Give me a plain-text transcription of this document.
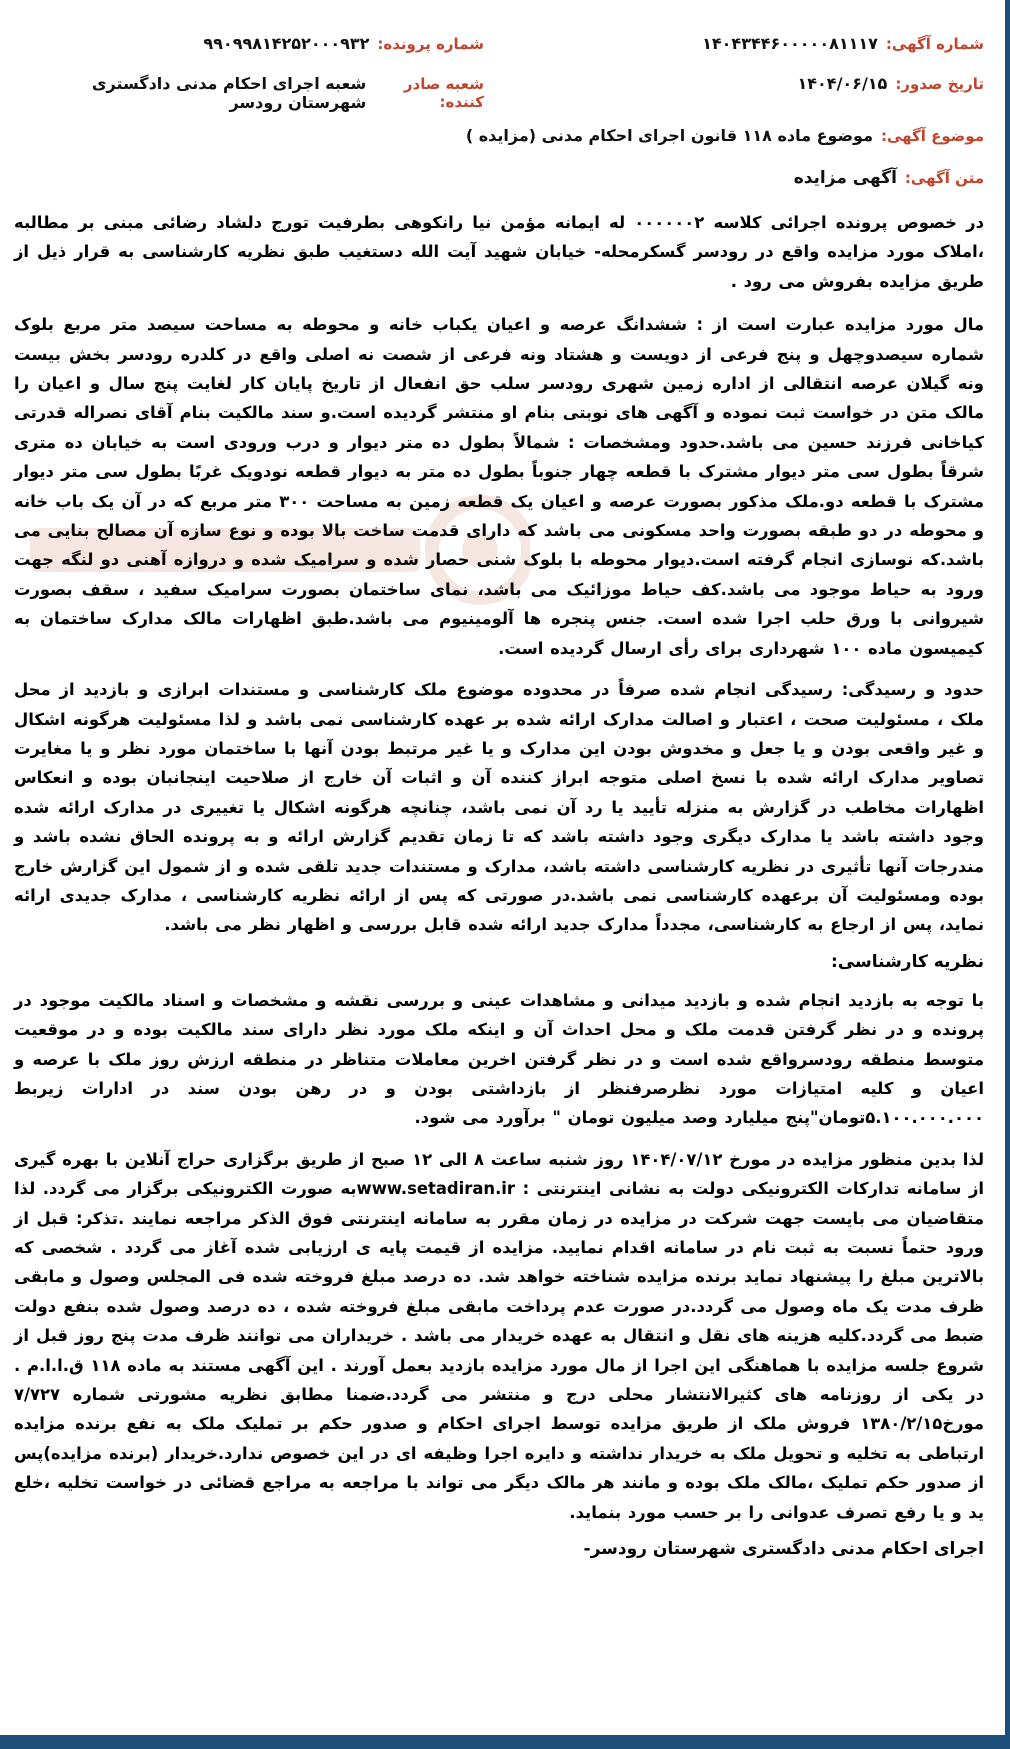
شماره آگهی:
۱۴۰۴۳۴۴۶۰۰۰۰۰۸۱۱۱۷
شماره پرونده:
۹۹۰۹۹۸۱۴۲۵۲۰۰۰۹۳۲
تاریخ صدور:
۱۴۰۴/۰۶/۱۵
شعبه صادر کننده:
شعبه اجرای احکام مدنی دادگستری شهرستان رودسر
موضوع آگهی:
موضوع ماده ۱۱۸ قانون اجرای احکام مدنی (مزایده )
متن آگهی:
آگهی مزایده

در خصوص پرونده اجرائی کلاسه ۰۰۰۰۰۰۲ له ایمانه مؤمن نیا رانکوهی بطرفیت تورج دلشاد رضائی مبنی بر مطالبه ،املاک مورد مزایده واقع در رودسر گسکرمحله- خیابان شهید آیت الله دستغیب طبق نظریه کارشناسی به قرار ذیل از طریق مزایده بفروش می رود .

مال مورد مزایده عبارت است از : ششدانگ عرصه و اعیان یکباب خانه و محوطه به مساحت سیصد متر مربع بلوک شماره سیصدوچهل و پنج فرعی از دویست و هشتاد ونه فرعی از شصت نه اصلی واقع در کلدره رودسر بخش بیست ونه گیلان عرصه انتقالی از اداره زمین شهری رودسر سلب حق انفعال از تاریخ پایان کار لغایت پنج سال و اعیان را مالک متن در خواست ثبت نموده و آگهی های نوبتی بنام او منتشر گردیده است.و سند مالکیت بنام آقای نصراله قدرتی کیاخانی فرزند حسین می باشد.حدود ومشخصات : شمالاً بطول ده متر دیوار و درب ورودی است به خیابان ده متری شرقاً بطول سی متر دیوار مشترک با قطعه چهار جنوباً بطول ده متر به دیوار قطعه نودویک غربًا بطول سی متر دیوار مشترک با قطعه دو.ملک مذکور بصورت عرصه و اعیان یک قطعه زمین به مساحت ۳۰۰ متر مربع که در آن یک باب خانه و محوطه در دو طبقه بصورت واحد مسکونی می باشد که دارای قدمت ساخت بالا بوده و نوع سازه آن مصالح بنایی می باشد.که نوسازی انجام گرفته است.دیوار محوطه با بلوک شنی حصار شده و سرامیک شده و دروازه آهنی دو لنگه جهت ورود به حیاط موجود می باشد.کف حیاط موزائیک می باشد، نمای ساختمان بصورت سرامیک سفید ، سقف بصورت شیروانی با ورق حلب اجرا شده است. جنس پنجره ها آلومینیوم می باشد.طبق اظهارات مالک مدارک ساختمان به کیمیسون ماده ۱۰۰ شهرداری برای رأی ارسال گردیده است.

حدود و رسیدگی: رسیدگی انجام شده صرفاً در محدوده موضوع ملک کارشناسی و مستندات ابرازی و بازدید از محل ملک ، مسئولیت صحت ، اعتبار و اصالت مدارک ارائه شده بر عهده کارشناسی نمی باشد و لذا مسئولیت هرگونه اشکال و غیر واقعی بودن و یا جعل و مخدوش بودن این مدارک و یا غیر مرتبط بودن آنها با ساختمان مورد نظر و یا مغایرت تصاویر مدارک ارائه شده با نسخ اصلی متوجه ابراز کننده آن و اثبات آن خارج از صلاحیت اینجانبان بوده و انعکاس اظهارات مخاطب در گزارش به منزله تأیید یا رد آن نمی باشد، چنانچه هرگونه اشکال یا تغییری در مدارک ارائه شده وجود داشته باشد یا مدارک دیگری وجود داشته باشد که تا زمان تقدیم گزارش ارائه و به پرونده الحاق نشده باشد و مندرجات آنها تأثیری در نظریه کارشناسی داشته باشد، مدارک و مستندات جدید تلقی شده و از شمول این گزارش خارج بوده ومسئولیت آن برعهده کارشناسی نمی باشد.در صورتی که پس از ارائه نظریه کارشناسی ، مدارک جدیدی ارائه نماید، پس از ارجاع به کارشناسی، مجدداً مدارک جدید ارائه شده قابل بررسی و اظهار نظر می باشد.

نظریه کارشناسی:

با توجه به بازدید انجام شده و بازدید میدانی و مشاهدات عینی و بررسی نقشه و مشخصات و اسناد مالکیت موجود در پرونده و در نظر گرفتن قدمت ملک و محل احداث آن و اینکه ملک مورد نظر دارای سند مالکیت بوده و در موقعیت متوسط منطقه رودسرواقع شده است و در نظر گرفتن اخرین معاملات متناظر در منطقه ارزش روز ملک با عرصه و اعیان و کلیه امتیازات مورد نظرصرفنظر از بازداشتی بودن و در رهن بودن سند در ادارات زیربط ۵.۱۰۰.۰۰۰.۰۰۰تومان"پنج میلیارد وصد میلیون تومان " برآورد می شود.

لذا بدین منظور مزایده در مورخ ۱۴۰۴/۰۷/۱۲ روز شنبه ساعت ۸ الی ۱۲ صبح از طریق برگزاری حراج آنلاین با بهره گیری از سامانه تدارکات الکترونیکی دولت به نشانی اینترنتی : www.setadiran.irبه صورت الکترونیکی برگزار می گردد. لذا متقاضیان می بایست جهت شرکت در مزایده در زمان مقرر به سامانه اینترنتی فوق الذکر مراجعه نمایند .تذکر: قبل از ورود حتماً نسبت به ثبت نام در سامانه اقدام نمایید. مزایده از قیمت پایه ی ارزیابی شده آغاز می گردد . شخصی که بالاترین مبلغ را پیشنهاد نماید برنده مزایده شناخته خواهد شد. ده درصد مبلغ فروخته شده فی المجلس وصول و مابقی ظرف مدت یک ماه وصول می گردد.در صورت عدم پرداخت مابقی مبلغ فروخته شده ، ده درصد وصول شده بنفع دولت ضبط می گردد.کلیه هزینه های نقل و انتقال به عهده خریدار می باشد . خریداران می توانند ظرف مدت پنج روز قبل از شروع جلسه مزایده با هماهنگی این اجرا از مال مورد مزایده بازدید بعمل آورند . این آگهی مستند به ماده ۱۱۸ ق.ا.ا.م . در یکی از روزنامه های کثیرالانتشار محلی درج و منتشر می گردد.ضمنا مطابق نظریه مشورتی شماره ۷/۷۲۷ مورخ۱۳۸۰/۲/۱۵ فروش ملک از طریق مزایده توسط اجرای احکام و صدور حکم بر تملیک ملک به نفع برنده مزایده ارتباطی به تخلیه و تحویل ملک به خریدار نداشته و دایره اجرا وظیفه ای در این خصوص ندارد.خریدار (برنده مزایده)پس از صدور حکم تملیک ،مالک ملک بوده و مانند هر مالک دیگر می تواند با مراجعه به مراجع قضائی در خواست تخلیه ،خلع ید و یا رفع تصرف عدوانی را بر حسب مورد بنماید.

اجرای احکام مدنی دادگستری شهرستان رودسر-
